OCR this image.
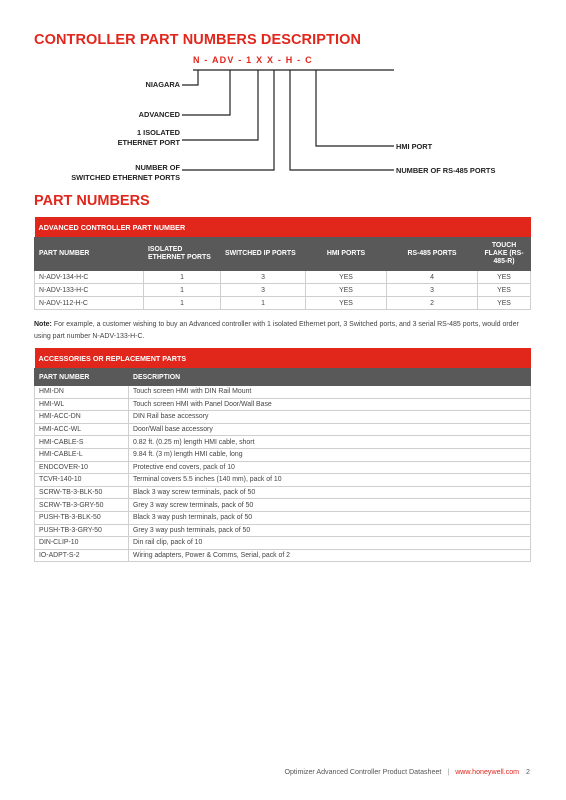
CONTROLLER PART NUMBERS DESCRIPTION
N - ADV - 1 X X - H - C
NIAGARA
ADVANCED
1 ISOLATED
ETHERNET PORT
NUMBER OF
SWITCHED ETHERNET PORTS
HMI PORT
NUMBER OF RS-485 PORTS
PART NUMBERS
ADVANCED CONTROLLER PART NUMBER					
PART NUMBER	ISOLATED ETHERNET PORTS	SWITCHED IP PORTS	HMI PORTS	RS-485 PORTS	TOUCH FLAKE (RS-485-R)
N-ADV-134-H-C	1	3	YES	4	YES
N-ADV-133-H-C	1	3	YES	3	YES
N-ADV-112-H-C	1	1	YES	2	YES
Note: For example, a customer wishing to buy an Advanced controller with 1 isolated Ethernet port, 3 Switched ports, and 3 serial RS-485 ports, would order using part number N-ADV-133-H-C.
ACCESSORIES OR REPLACEMENT PARTS	
PART NUMBER	DESCRIPTION
HMI-DN	Touch screen HMI with DIN Rail Mount
HMI-WL	Touch screen HMI with Panel Door/Wall Base
HMI-ACC-DN	DIN Rail base accessory
HMI-ACC-WL	Door/Wall base accessory
HMI-CABLE-S	0.82 ft. (0.25 m) length HMI cable, short
HMI-CABLE-L	9.84 ft. (3 m) length HMI cable, long
ENDCOVER-10	Protective end covers, pack of 10
TCVR-140-10	Terminal covers 5.5 inches (140 mm), pack of 10
SCRW-TB-3-BLK-50	Black 3 way screw terminals, pack of 50
SCRW-TB-3-GRY-50	Grey 3 way screw terminals, pack of 50
PUSH-TB-3-BLK-50	Black 3 way push terminals, pack of 50
PUSH-TB-3-GRY-50	Grey 3 way push terminals, pack of 50
DIN-CLIP-10	Din rail clip, pack of 10
IO-ADPT-S-2	Wiring adapters, Power & Comms, Serial, pack of 2
Optimizer Advanced Controller Product Datasheet | www.honeywell.com 2
